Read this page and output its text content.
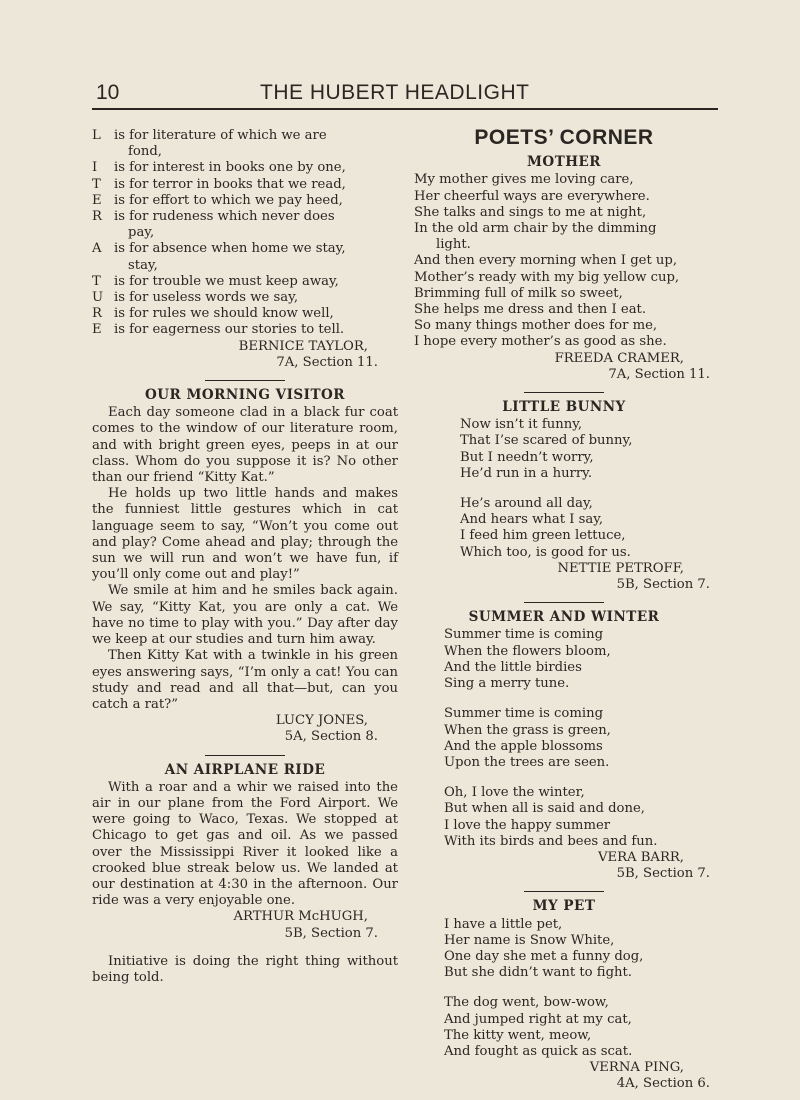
10	THE HUBERT HEADLIGHT
L	is for literature of which we are
fond,
I	is for interest in books one by one,
T	is for terror in books that we read,
E is for effort to which we pay heed,
R is for rudeness which never does
pay,
A is for absence when home we stay,
stay,
T	is for trouble we must keep away,
U is for useless words we say,
R is for rules we should know well,
E is for eagerness our stories to tell.

BERNICE TAYLOR,
7A, Section 11.

OUR MORNING VISITOR

Each day someone clad in a black fur coat comes to the window of our literature room, and with bright green eyes, peeps in at our class. Whom do you suppose it is? No other than our friend “Kitty Kat.”

He holds up two little hands and makes the funniest little gestures which in cat language seem to say, “Won’t you come out and play? Come ahead and play; through the sun we will run and won’t we have fun, if you’ll only come out and play!”

We smile at him and he smiles back again. We say, “Kitty Kat, you are only a cat. We have no time to play with you.” Day after day we keep at our studies and turn him away.

Then Kitty Kat with a twinkle in his green eyes answering says, “I’m only a cat! You can study and read and all that—but, can you catch a rat?”

LUCY JONES,
5A, Section 8.

AN AIRPLANE RIDE

With a roar and a whir we raised into the air in our plane from the Ford Airport. We were going to Waco, Texas. We stopped at Chicago to get gas and oil. As we passed over the Mississippi River it looked like a crooked blue streak below us. We landed at our destination at 4:30 in the afternoon. Our ride was a very enjoyable one.

ARTHUR McHUGH,
5B, Section 7.

Initiative is doing the right thing without being told.

POETS’ CORNER
MOTHER
My mother gives me loving care,
Her cheerful ways are everywhere.
She talks and sings to me at night,
In the old arm chair by the dimming
light.
And then every morning when I get up,
Mother’s ready with my big yellow cup,
Brimming full of milk so sweet,
She helps me dress and then I eat.
So many things mother does for me,
I hope every mother’s as good as she.

FREEDA CRAMER,
7A, Section 11.

LITTLE BUNNY
Now isn’t it funny,
That I’se scared of bunny,
But I needn’t worry,
He’d run in a hurry.
He’s around all day,
And hears what I say,
I feed him green lettuce,
Which too, is good for us.

NETTIE PETROFF,
5B, Section 7.

SUMMER AND WINTER
Summer time is coming
When the flowers bloom,
And the little birdies
Sing a merry tune.
Summer time is coming
When the grass is green,
And the apple blossoms
Upon the trees are seen.
Oh, I love the winter,
But when all is said and done,
I love the happy summer
With its birds and bees and fun.

VERA BARR,
5B, Section 7.

MY PET
I have a little pet,
Her name is Snow White,
One day she met a funny dog,
But she didn’t want to fight.
The dog went, bow-wow,
And jumped right at my cat,
The kitty went, meow,
And fought as quick as scat.

VERNA PING,
4A, Section 6.
